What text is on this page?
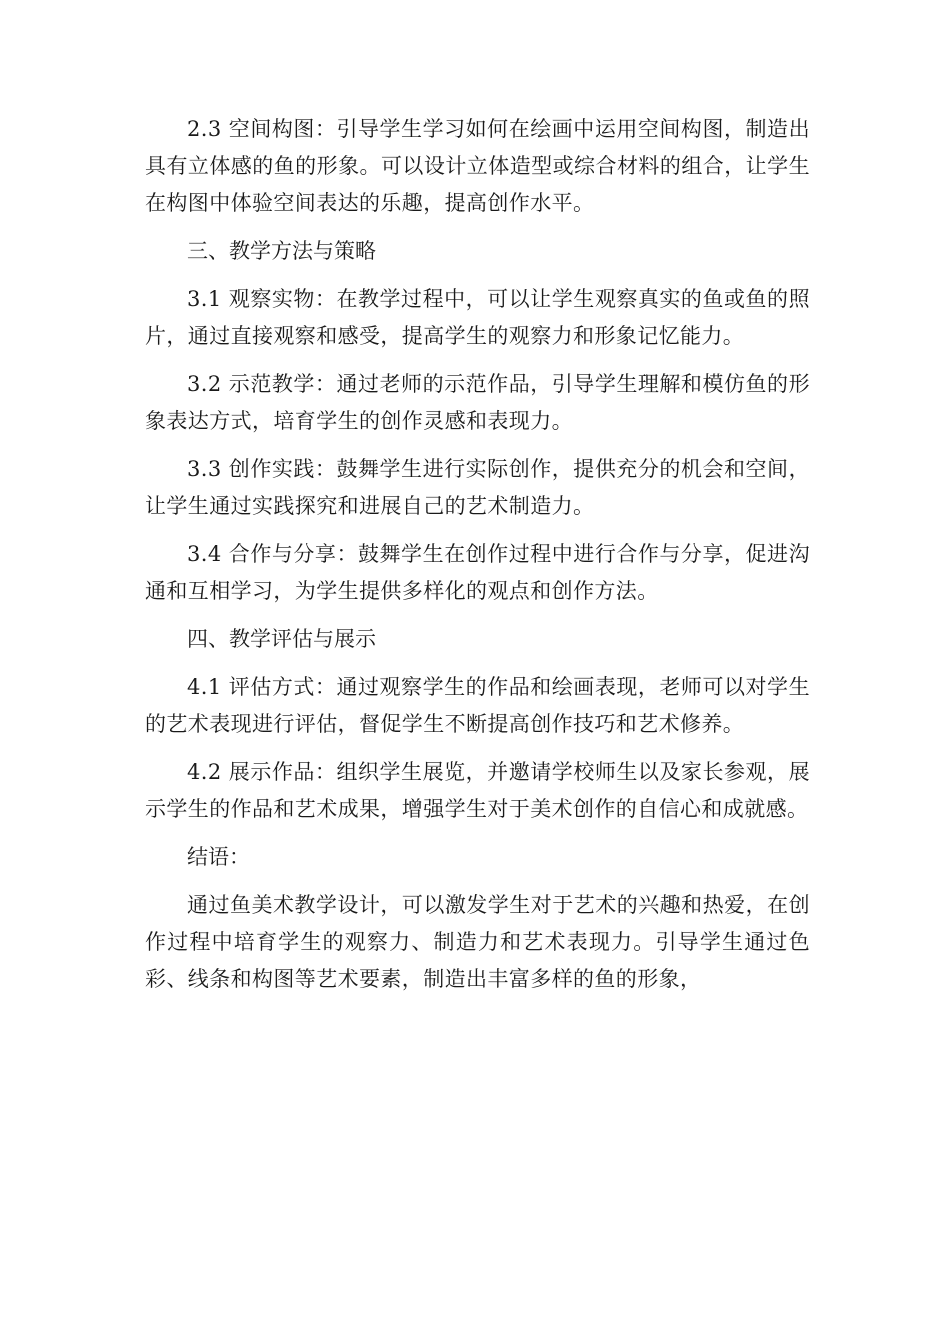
2.3 空间构图：引导学生学习如何在绘画中运用空间构图，制造出具有立体感的鱼的形象。可以设计立体造型或综合材料的组合，让学生在构图中体验空间表达的乐趣，提高创作水平。

三、教学方法与策略

3.1 观察实物：在教学过程中，可以让学生观察真实的鱼或鱼的照片，通过直接观察和感受，提高学生的观察力和形象记忆能力。

3.2 示范教学：通过老师的示范作品，引导学生理解和模仿鱼的形象表达方式，培育学生的创作灵感和表现力。

3.3 创作实践：鼓舞学生进行实际创作，提供充分的机会和空间，让学生通过实践探究和进展自己的艺术制造力。

3.4 合作与分享：鼓舞学生在创作过程中进行合作与分享，促进沟通和互相学习，为学生提供多样化的观点和创作方法。

四、教学评估与展示

4.1 评估方式：通过观察学生的作品和绘画表现，老师可以对学生的艺术表现进行评估，督促学生不断提高创作技巧和艺术修养。

4.2 展示作品：组织学生展览，并邀请学校师生以及家长参观，展示学生的作品和艺术成果，增强学生对于美术创作的自信心和成就感。

结语：

通过鱼美术教学设计，可以激发学生对于艺术的兴趣和热爱，在创作过程中培育学生的观察力、制造力和艺术表现力。引导学生通过色彩、线条和构图等艺术要素，制造出丰富多样的鱼的形象，
